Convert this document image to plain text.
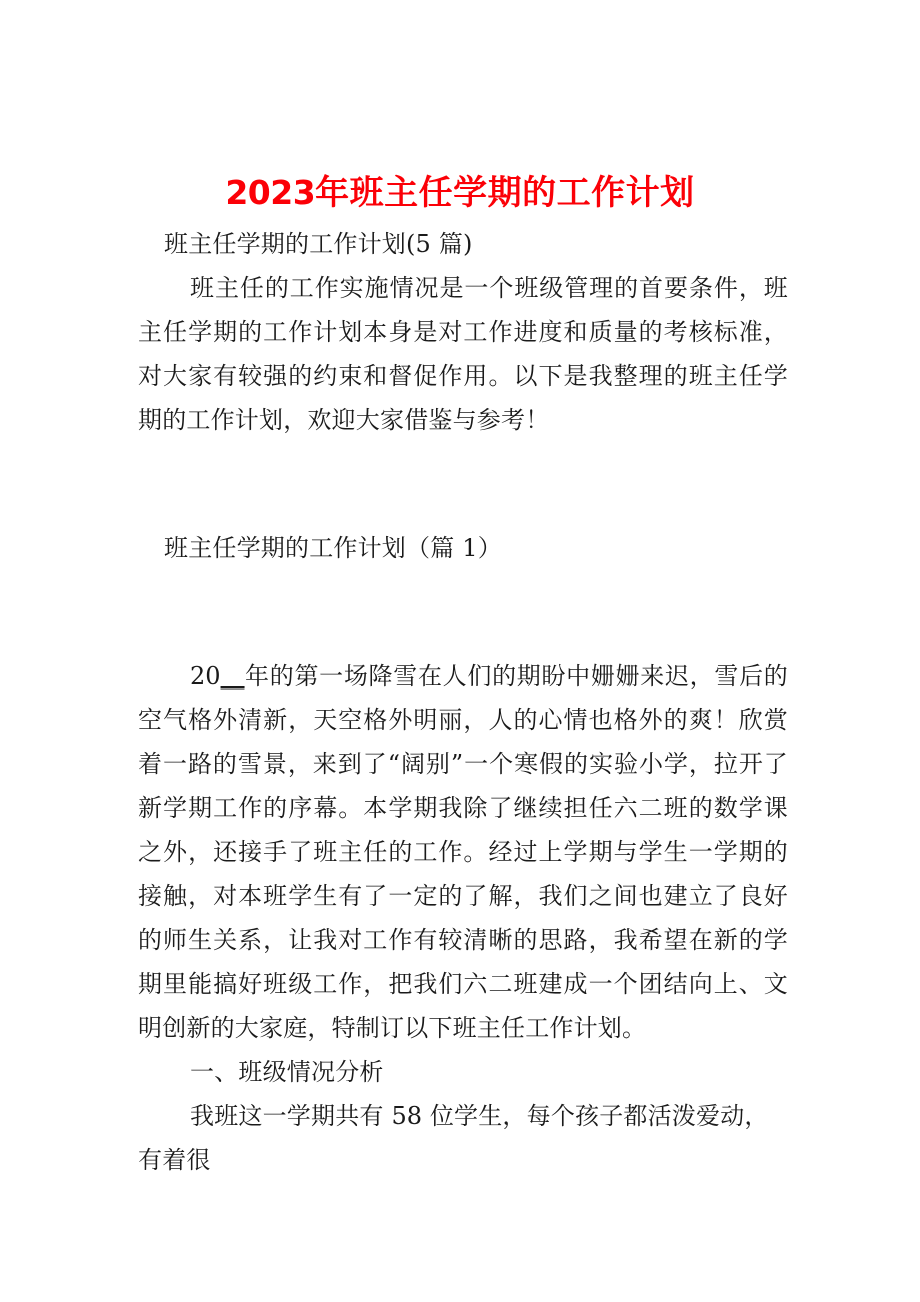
2023年班主任学期的工作计划

班主任学期的工作计划(5 篇)

班主任的工作实施情况是一个班级管理的首要条件，班主任学期的工作计划本身是对工作进度和质量的考核标准，对大家有较强的约束和督促作用。以下是我整理的班主任学期的工作计划，欢迎大家借鉴与参考！

班主任学期的工作计划（篇 1）

20__年的第一场降雪在人们的期盼中姗姗来迟，雪后的空气格外清新，天空格外明丽，人的心情也格外的爽！欣赏着一路的雪景，来到了“阔别”一个寒假的实验小学，拉开了新学期工作的序幕。本学期我除了继续担任六二班的数学课之外，还接手了班主任的工作。经过上学期与学生一学期的接触，对本班学生有了一定的了解，我们之间也建立了良好的师生关系，让我对工作有较清晰的思路，我希望在新的学期里能搞好班级工作，把我们六二班建成一个团结向上、文明创新的大家庭，特制订以下班主任工作计划。

一、班级情况分析

我班这一学期共有 58 位学生，每个孩子都活泼爱动，

有着很
